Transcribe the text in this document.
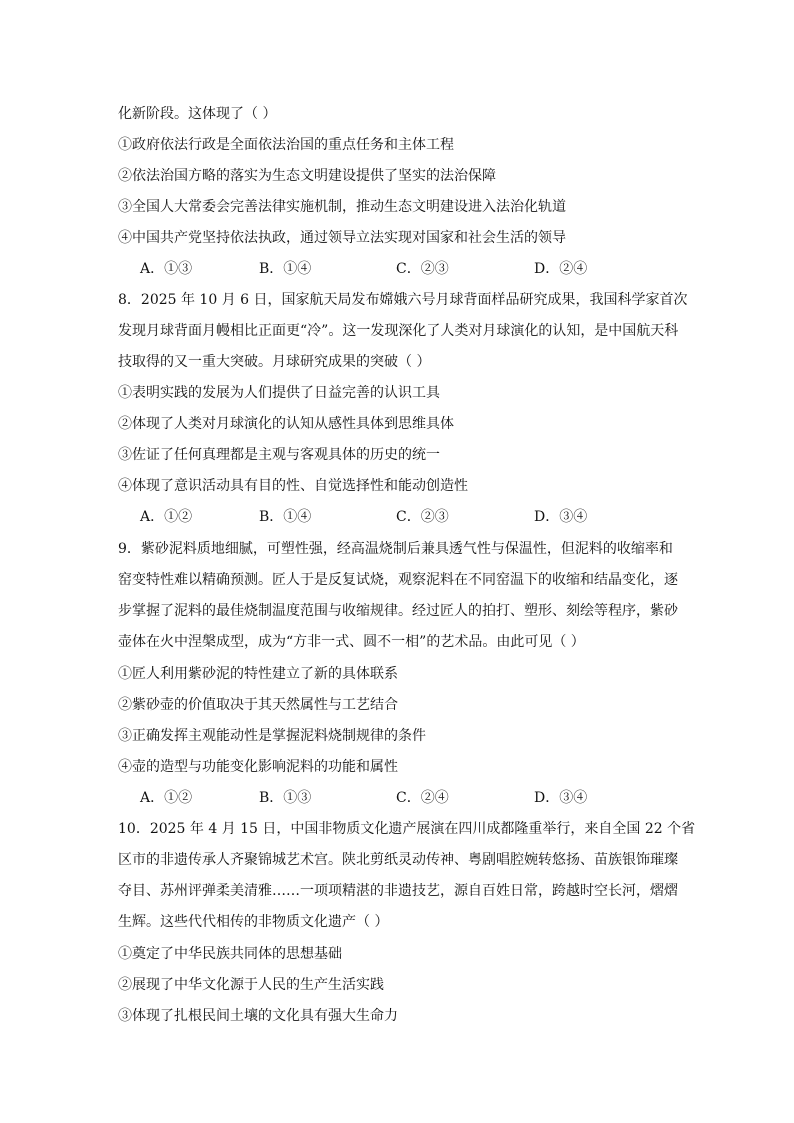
化新阶段。这体现了（ ）
①政府依法行政是全面依法治国的重点任务和主体工程
②依法治国方略的落实为生态文明建设提供了坚实的法治保障
③全国人大常委会完善法律实施机制，推动生态文明建设进入法治化轨道
④中国共产党坚持依法执政，通过领导立法实现对国家和社会生活的领导
A．①③	B．①④	C．②③	D．②④
8．2025 年 10 月 6 日，国家航天局发布嫦娥六号月球背面样品研究成果，我国科学家首次
发现月球背面月幔相比正面更“冷”。这一发现深化了人类对月球演化的认知，是中国航天科
技取得的又一重大突破。月球研究成果的突破（ ）
①表明实践的发展为人们提供了日益完善的认识工具
②体现了人类对月球演化的认知从感性具体到思维具体
③佐证了任何真理都是主观与客观具体的历史的统一
④体现了意识活动具有目的性、自觉选择性和能动创造性
A．①②	B．①④	C．②③	D．③④
9．紫砂泥料质地细腻，可塑性强，经高温烧制后兼具透气性与保温性，但泥料的收缩率和
窑变特性难以精确预测。匠人于是反复试烧，观察泥料在不同窑温下的收缩和结晶变化，逐
步掌握了泥料的最佳烧制温度范围与收缩规律。经过匠人的拍打、塑形、刻绘等程序，紫砂
壶体在火中涅槃成型，成为“方非一式、圆不一相”的艺术品。由此可见（ ）
①匠人利用紫砂泥的特性建立了新的具体联系
②紫砂壶的价值取决于其天然属性与工艺结合
③正确发挥主观能动性是掌握泥料烧制规律的条件
④壶的造型与功能变化影响泥料的功能和属性
A．①②	B．①③	C．②④	D．③④
10．2025 年 4 月 15 日，中国非物质文化遗产展演在四川成都隆重举行，来自全国 22 个省
区市的非遗传承人齐聚锦城艺术宫。陕北剪纸灵动传神、粤剧唱腔婉转悠扬、苗族银饰璀璨
夺目、苏州评弹柔美清雅……一项项精湛的非遗技艺，源自百姓日常，跨越时空长河，熠熠
生辉。这些代代相传的非物质文化遗产（ ）
①奠定了中华民族共同体的思想基础
②展现了中华文化源于人民的生产生活实践
③体现了扎根民间土壤的文化具有强大生命力
